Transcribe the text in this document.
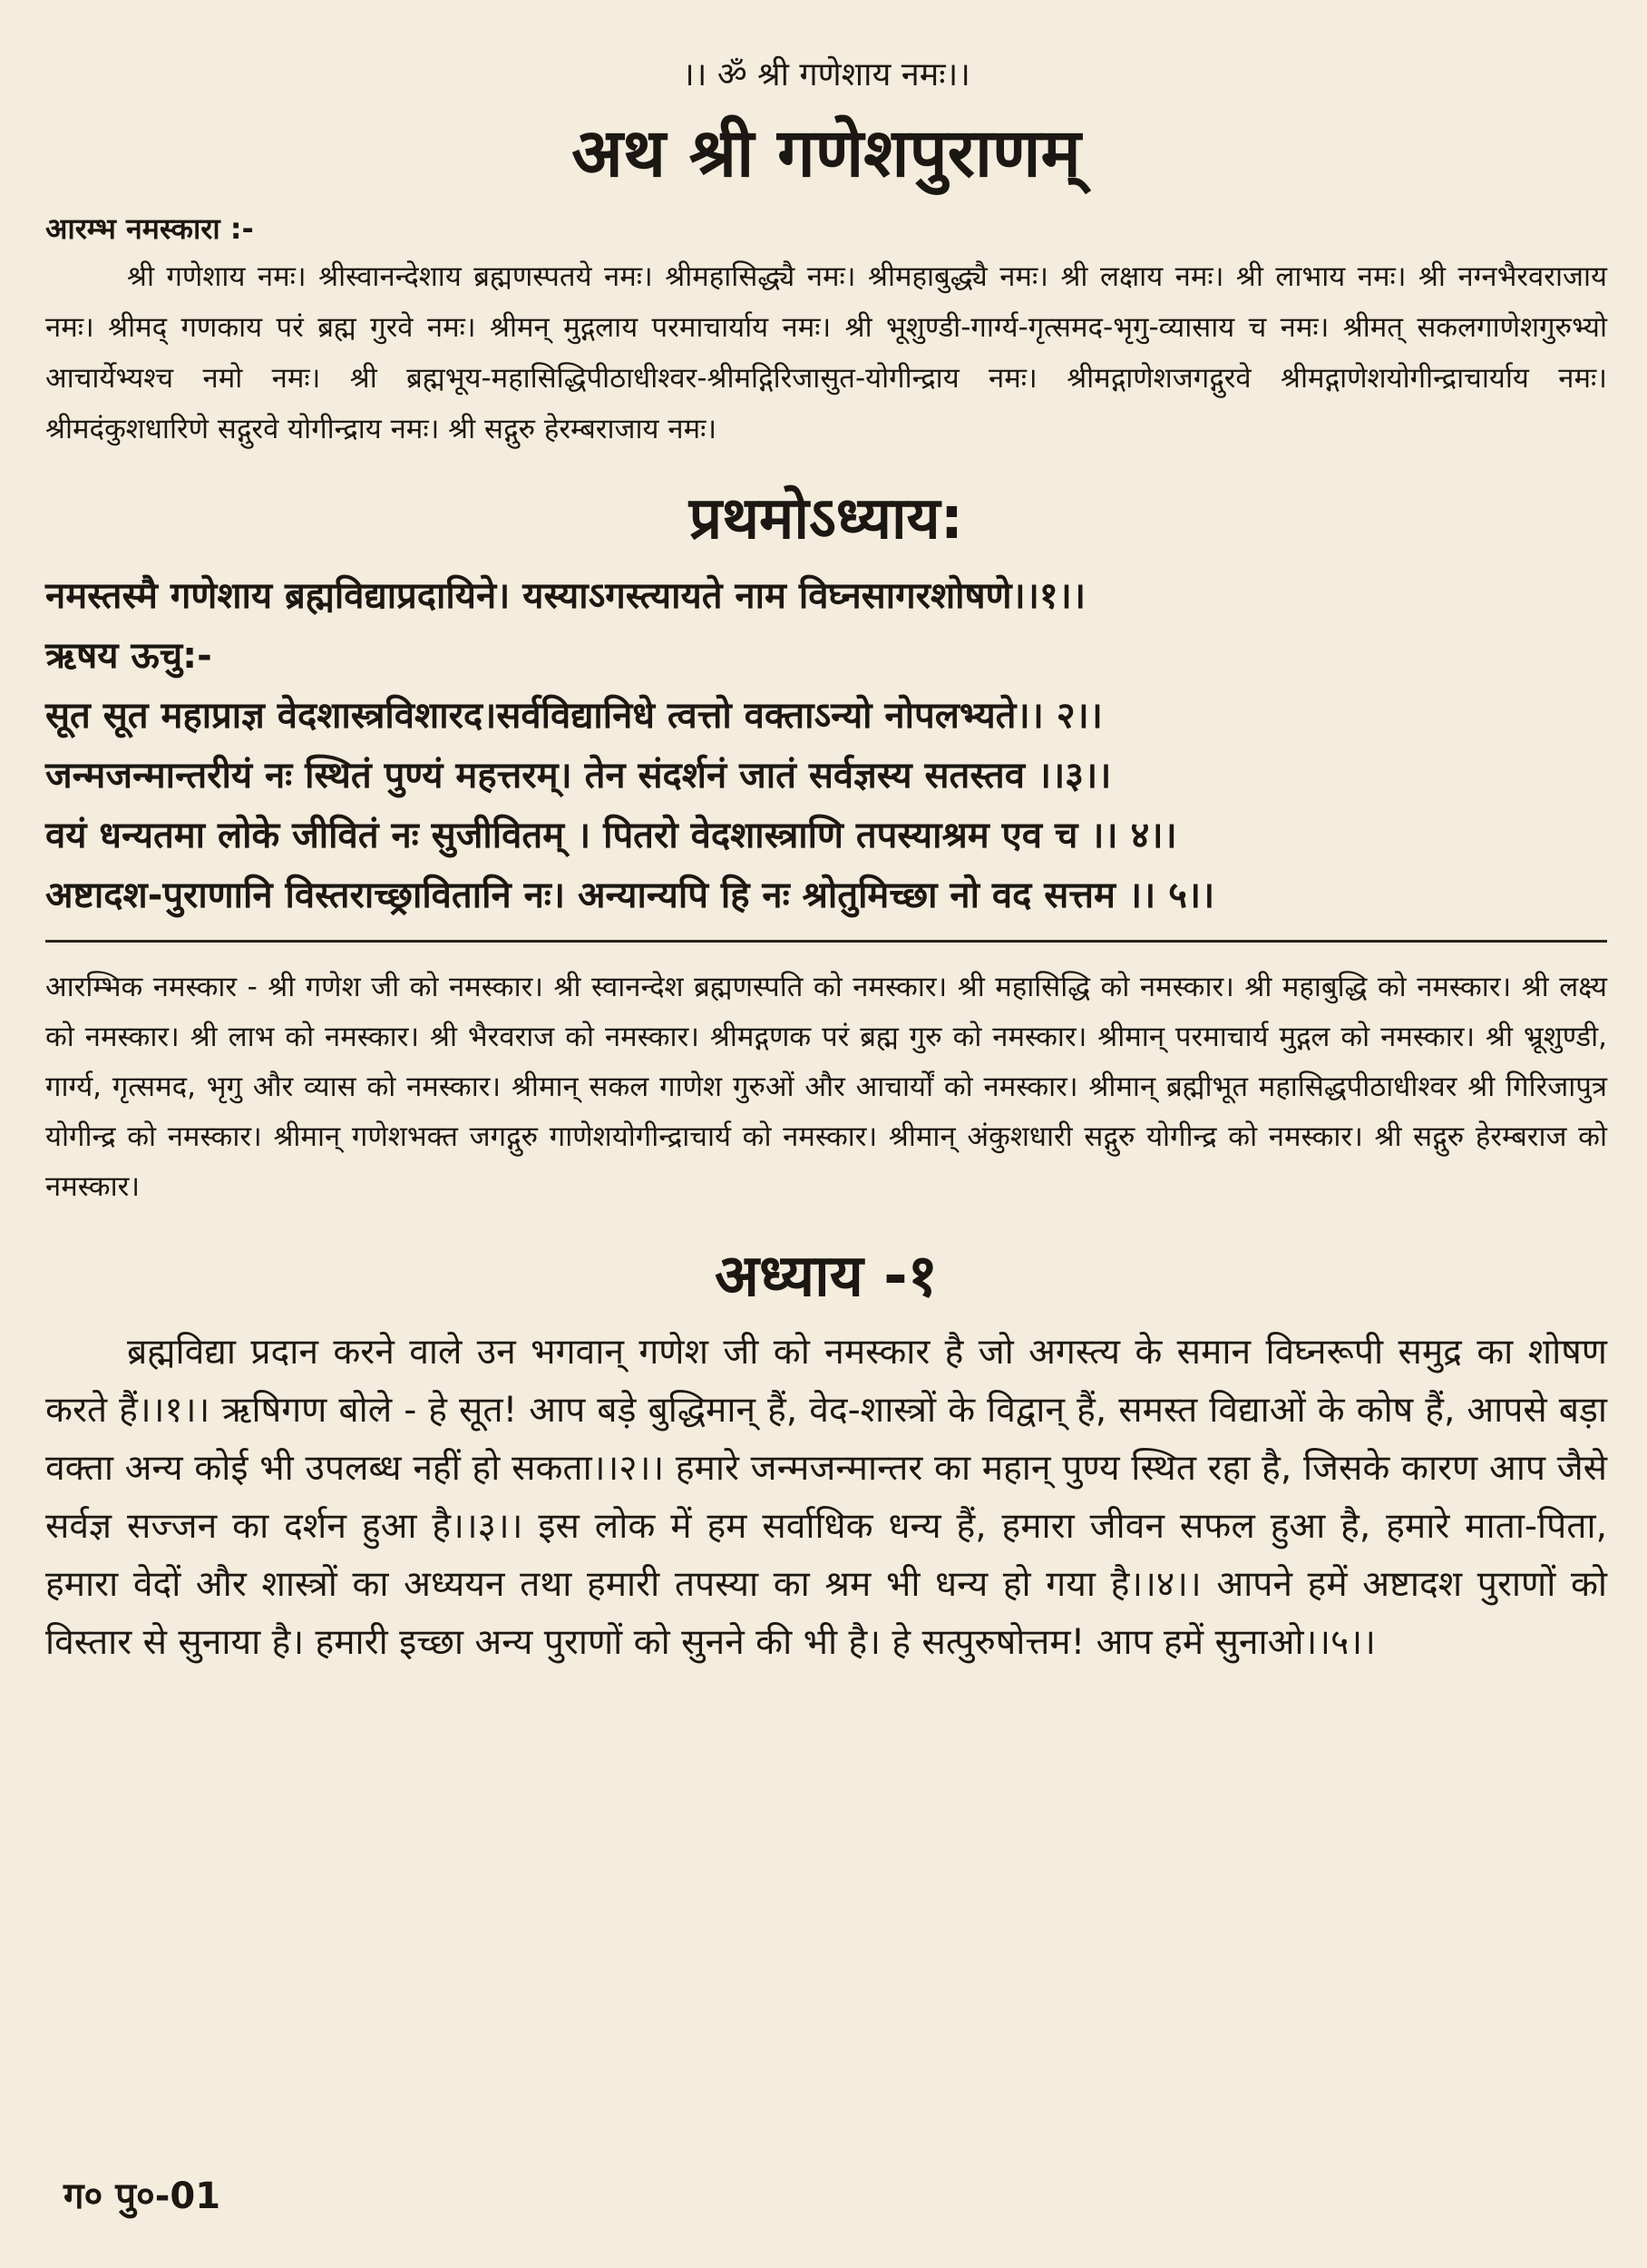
।। ॐ श्री गणेशाय नमः।।
अथ श्री गणेशपुराणम्
आरम्भ नमस्कारा :-

श्री गणेशाय नमः। श्रीस्वानन्देशाय ब्रह्मणस्पतये नमः। श्रीमहासिद्ध्यै नमः। श्रीमहाबुद्ध्यै नमः। श्री लक्षाय नमः। श्री लाभाय नमः। श्री नग्नभैरवराजाय नमः। श्रीमद् गणकाय परं ब्रह्म गुरवे नमः। श्रीमन् मुद्गलाय परमाचार्याय नमः। श्री भूशुण्डी-गार्ग्य-गृत्समद-भृगु-व्यासाय च नमः। श्रीमत् सकलगाणेशगुरुभ्यो आचार्येभ्यश्च नमो नमः। श्री ब्रह्मभूय-महासिद्धिपीठाधीश्वर-श्रीमद्गिरिजासुत-योगीन्द्राय नमः। श्रीमद्गाणेशजगद्गुरवे श्रीमद्गाणेशयोगीन्द्राचार्याय नमः। श्रीमदंकुशधारिणे सद्गुरवे योगीन्द्राय नमः। श्री सद्गुरु हेरम्बराजाय नमः।

प्रथमोऽध्याय:
नमस्तस्मै गणेशाय ब्रह्मविद्याप्रदायिने। यस्याऽगस्त्यायते नाम विघ्नसागरशोषणे।।१।।
ऋषय ऊचु:-
सूत सूत महाप्राज्ञ वेदशास्त्रविशारद।सर्वविद्यानिधे त्वत्तो वक्ताऽन्यो नोपलभ्यते।। २।।
जन्मजन्मान्तरीयं नः स्थितं पुण्यं महत्तरम्। तेन संदर्शनं जातं सर्वज्ञस्य सतस्तव ।।३।।
वयं धन्यतमा लोके जीवितं नः सुजीवितम् । पितरो वेदशास्त्राणि तपस्याश्रम एव च ।। ४।।
अष्टादश-पुराणानि विस्तराच्छ्रावितानि नः। अन्यान्यपि हि नः श्रोतुमिच्छा नो वद सत्तम ।। ५।।

आरम्भिक नमस्कार - श्री गणेश जी को नमस्कार। श्री स्वानन्देश ब्रह्मणस्पति को नमस्कार। श्री महासिद्धि को नमस्कार। श्री महाबुद्धि को नमस्कार। श्री लक्ष्य को नमस्कार। श्री लाभ को नमस्कार। श्री भैरवराज को नमस्कार। श्रीमद्गणक परं ब्रह्म गुरु को नमस्कार। श्रीमान् परमाचार्य मुद्गल को नमस्कार। श्री भ्रूशुण्डी, गार्ग्य, गृत्समद, भृगु और व्यास को नमस्कार। श्रीमान् सकल गाणेश गुरुओं और आचार्यों को नमस्कार। श्रीमान् ब्रह्मीभूत महासिद्धपीठाधीश्वर श्री गिरिजापुत्र योगीन्द्र को नमस्कार। श्रीमान् गणेशभक्त जगद्गुरु गाणेशयोगीन्द्राचार्य को नमस्कार। श्रीमान् अंकुशधारी सद्गुरु योगीन्द्र को नमस्कार। श्री सद्गुरु हेरम्बराज को नमस्कार।

अध्याय -१

ब्रह्मविद्या प्रदान करने वाले उन भगवान् गणेश जी को नमस्कार है जो अगस्त्य के समान विघ्नरूपी समुद्र का शोषण करते हैं।।१।। ऋषिगण बोले - हे सूत! आप बड़े बुद्धिमान् हैं, वेद-शास्त्रों के विद्वान् हैं, समस्त विद्याओं के कोष हैं, आपसे बड़ा वक्ता अन्य कोई भी उपलब्ध नहीं हो सकता।।२।। हमारे जन्मजन्मान्तर का महान् पुण्य स्थित रहा है, जिसके कारण आप जैसे सर्वज्ञ सज्जन का दर्शन हुआ है।।३।। इस लोक में हम सर्वाधिक धन्य हैं, हमारा जीवन सफल हुआ है, हमारे माता-पिता, हमारा वेदों और शास्त्रों का अध्ययन तथा हमारी तपस्या का श्रम भी धन्य हो गया है।।४।। आपने हमें अष्टादश पुराणों को विस्तार से सुनाया है। हमारी इच्छा अन्य पुराणों को सुनने की भी है। हे सत्पुरुषोत्तम! आप हमें सुनाओ।।५।।

ग० पु०-01
